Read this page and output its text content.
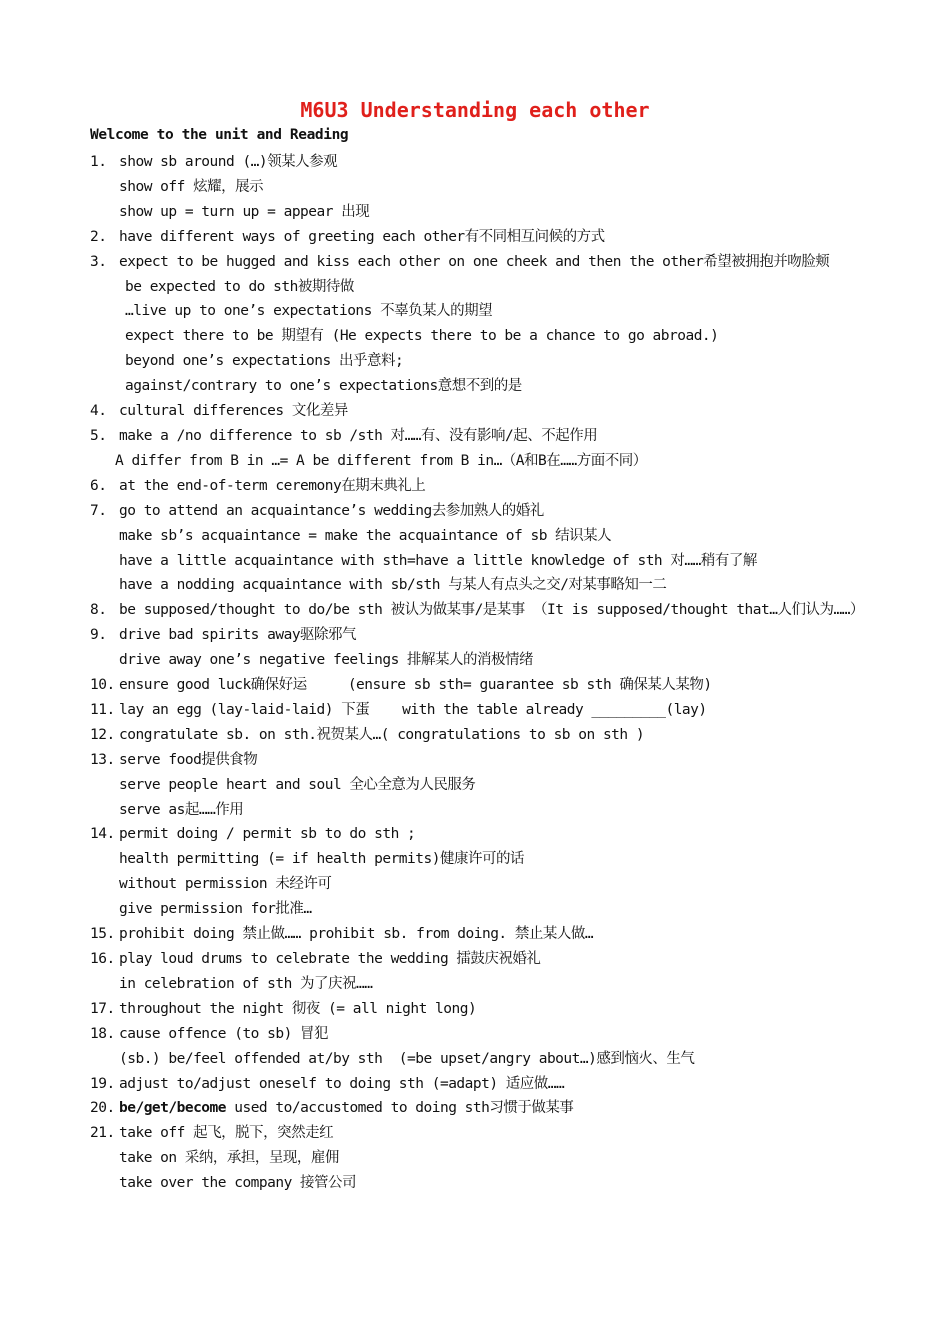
M6U3 Understanding each other
Welcome to the unit and Reading
1. show sb around (…)领某人参观
show off 炫耀，展示
show up = turn up = appear 出现
2. have different ways of greeting each other有不同相互问候的方式
3. expect to be hugged and kiss each other on one cheek and then the other希望被拥抱并吻脸颊
be expected to do sth被期待做
…live up to one’s expectations 不辜负某人的期望
expect there to be 期望有 (He expects there to be a chance to go abroad.)
beyond one’s expectations 出乎意料;
against/contrary to one’s expectations意想不到的是
4. cultural differences 文化差异
5. make a /no difference to sb /sth 对……有、没有影响/起、不起作用
A differ from B in …= A be different from B in…（A和B在……方面不同）
6. at the end-of-term ceremony在期末典礼上
7. go to attend an acquaintance’s wedding去参加熟人的婚礼
make sb’s acquaintance = make the acquaintance of sb 结识某人
have a little acquaintance with sth=have a little knowledge of sth 对……稍有了解
have a nodding acquaintance with sb/sth 与某人有点头之交/对某事略知一二
8. be supposed/thought to do/be sth 被认为做某事/是某事 （It is supposed/thought that…人们认为……）
9. drive bad spirits away驱除邪气
drive away one’s negative feelings 排解某人的消极情绪
10. ensure good luck确保好运     (ensure sb sth= guarantee sb sth 确保某人某物)
11. lay an egg (lay-laid-laid) 下蛋    with the table already _________(lay)
12. congratulate sb. on sth.祝贺某人…( congratulations to sb on sth )
13. serve food提供食物
serve people heart and soul 全心全意为人民服务
serve as起……作用
14. permit doing / permit sb to do sth ;
health permitting (= if health permits)健康许可的话
without permission 未经许可
give permission for批准…
15. prohibit doing 禁止做…… prohibit sb. from doing. 禁止某人做…
16. play loud drums to celebrate the wedding 擂鼓庆祝婚礼
in celebration of sth 为了庆祝……
17. throughout the night 彻夜 (= all night long)
18. cause offence (to sb) 冒犯
(sb.) be/feel offended at/by sth  (=be upset/angry about…)感到恼火、生气
19. adjust to/adjust oneself to doing sth (=adapt) 适应做……
20. be/get/become used to/accustomed to doing sth习惯于做某事
21. take off 起飞，脱下，突然走红
take on 采纳，承担，呈现，雇佣
take over the company 接管公司
